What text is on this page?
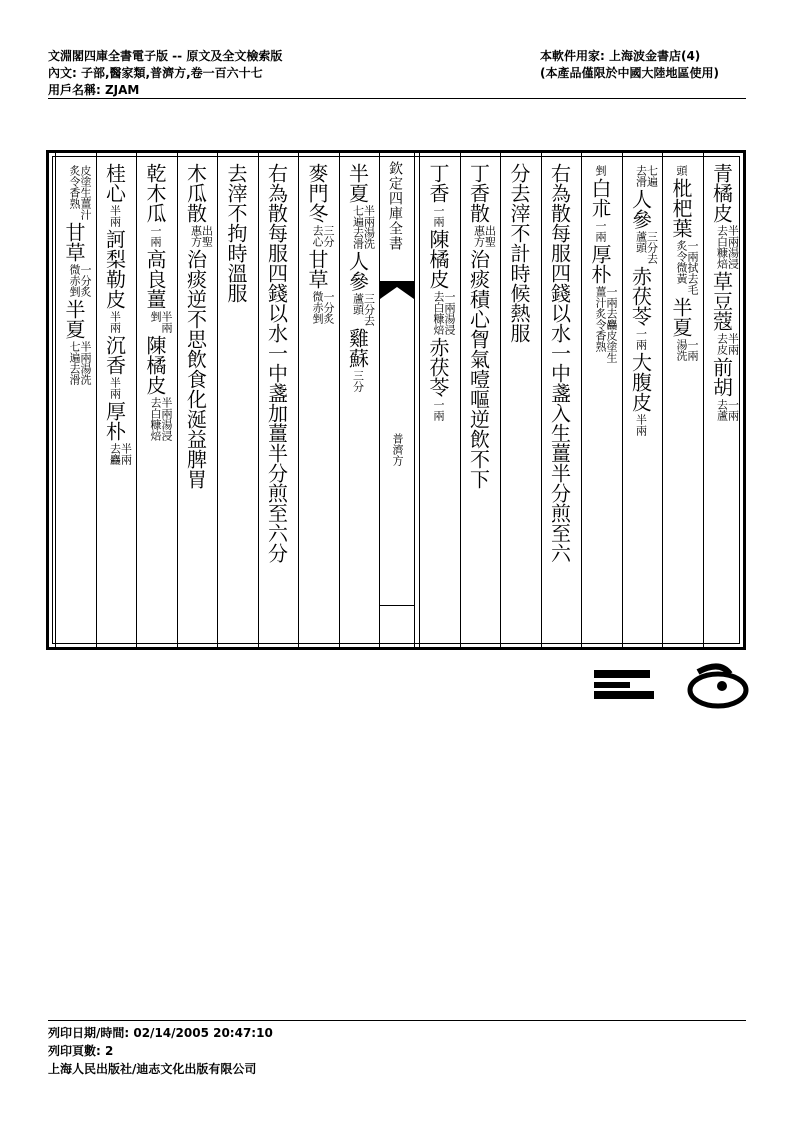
文淵閣四庫全書電子版 -- 原文及全文檢索版
內文: 子部,醫家類,普濟方,卷一百六十七
用戶名稱: ZJAM
本軟件用家: 上海波金書店(4)
(本產品僅限於中國大陸地區使用)
欽定四庫全書
普濟方
青橘皮半兩湯浸
去白糠焙草豆蔻半兩
去皮前胡一兩
去蘆
頭枇杷葉一兩拭去毛
炙令微黃半夏一兩
湯洗
七遍
去滑人參三分去
蘆頭赤茯苓一兩大腹皮半兩
剉白朮一兩厚朴一兩去麤皮塗生
薑汁炙令香熟
右為散每服四錢以水一中盞入生薑半分煎至六
分去滓不計時候熱服
丁香散出聖
惠方治痰積心胷氣噎嘔逆飲不下
丁香一兩陳橘皮一兩湯浸
去白糠焙赤茯苓一兩
半夏半兩湯洗
七遍去滑人參三分去
蘆頭雞蘇三分
麥門冬三分
去心甘草一分炙
微赤剉
右為散每服四錢以水一中盞加薑半分煎至六分
去滓不拘時溫服
木瓜散出聖
惠方治痰逆不思飲食化涎益脾胃
乾木瓜一兩高良薑半兩
剉陳橘皮半兩湯浸
去白糠焙
桂心半兩訶梨勒皮半兩沉香半兩厚朴半兩
去麤
皮塗生薑汁
炙令香熟甘草一分炙
微赤剉半夏半兩湯洗
七遍去滑
列印日期/時間: 02/14/2005 20:47:10
列印頁數: 2
上海人民出版社/迪志文化出版有限公司
